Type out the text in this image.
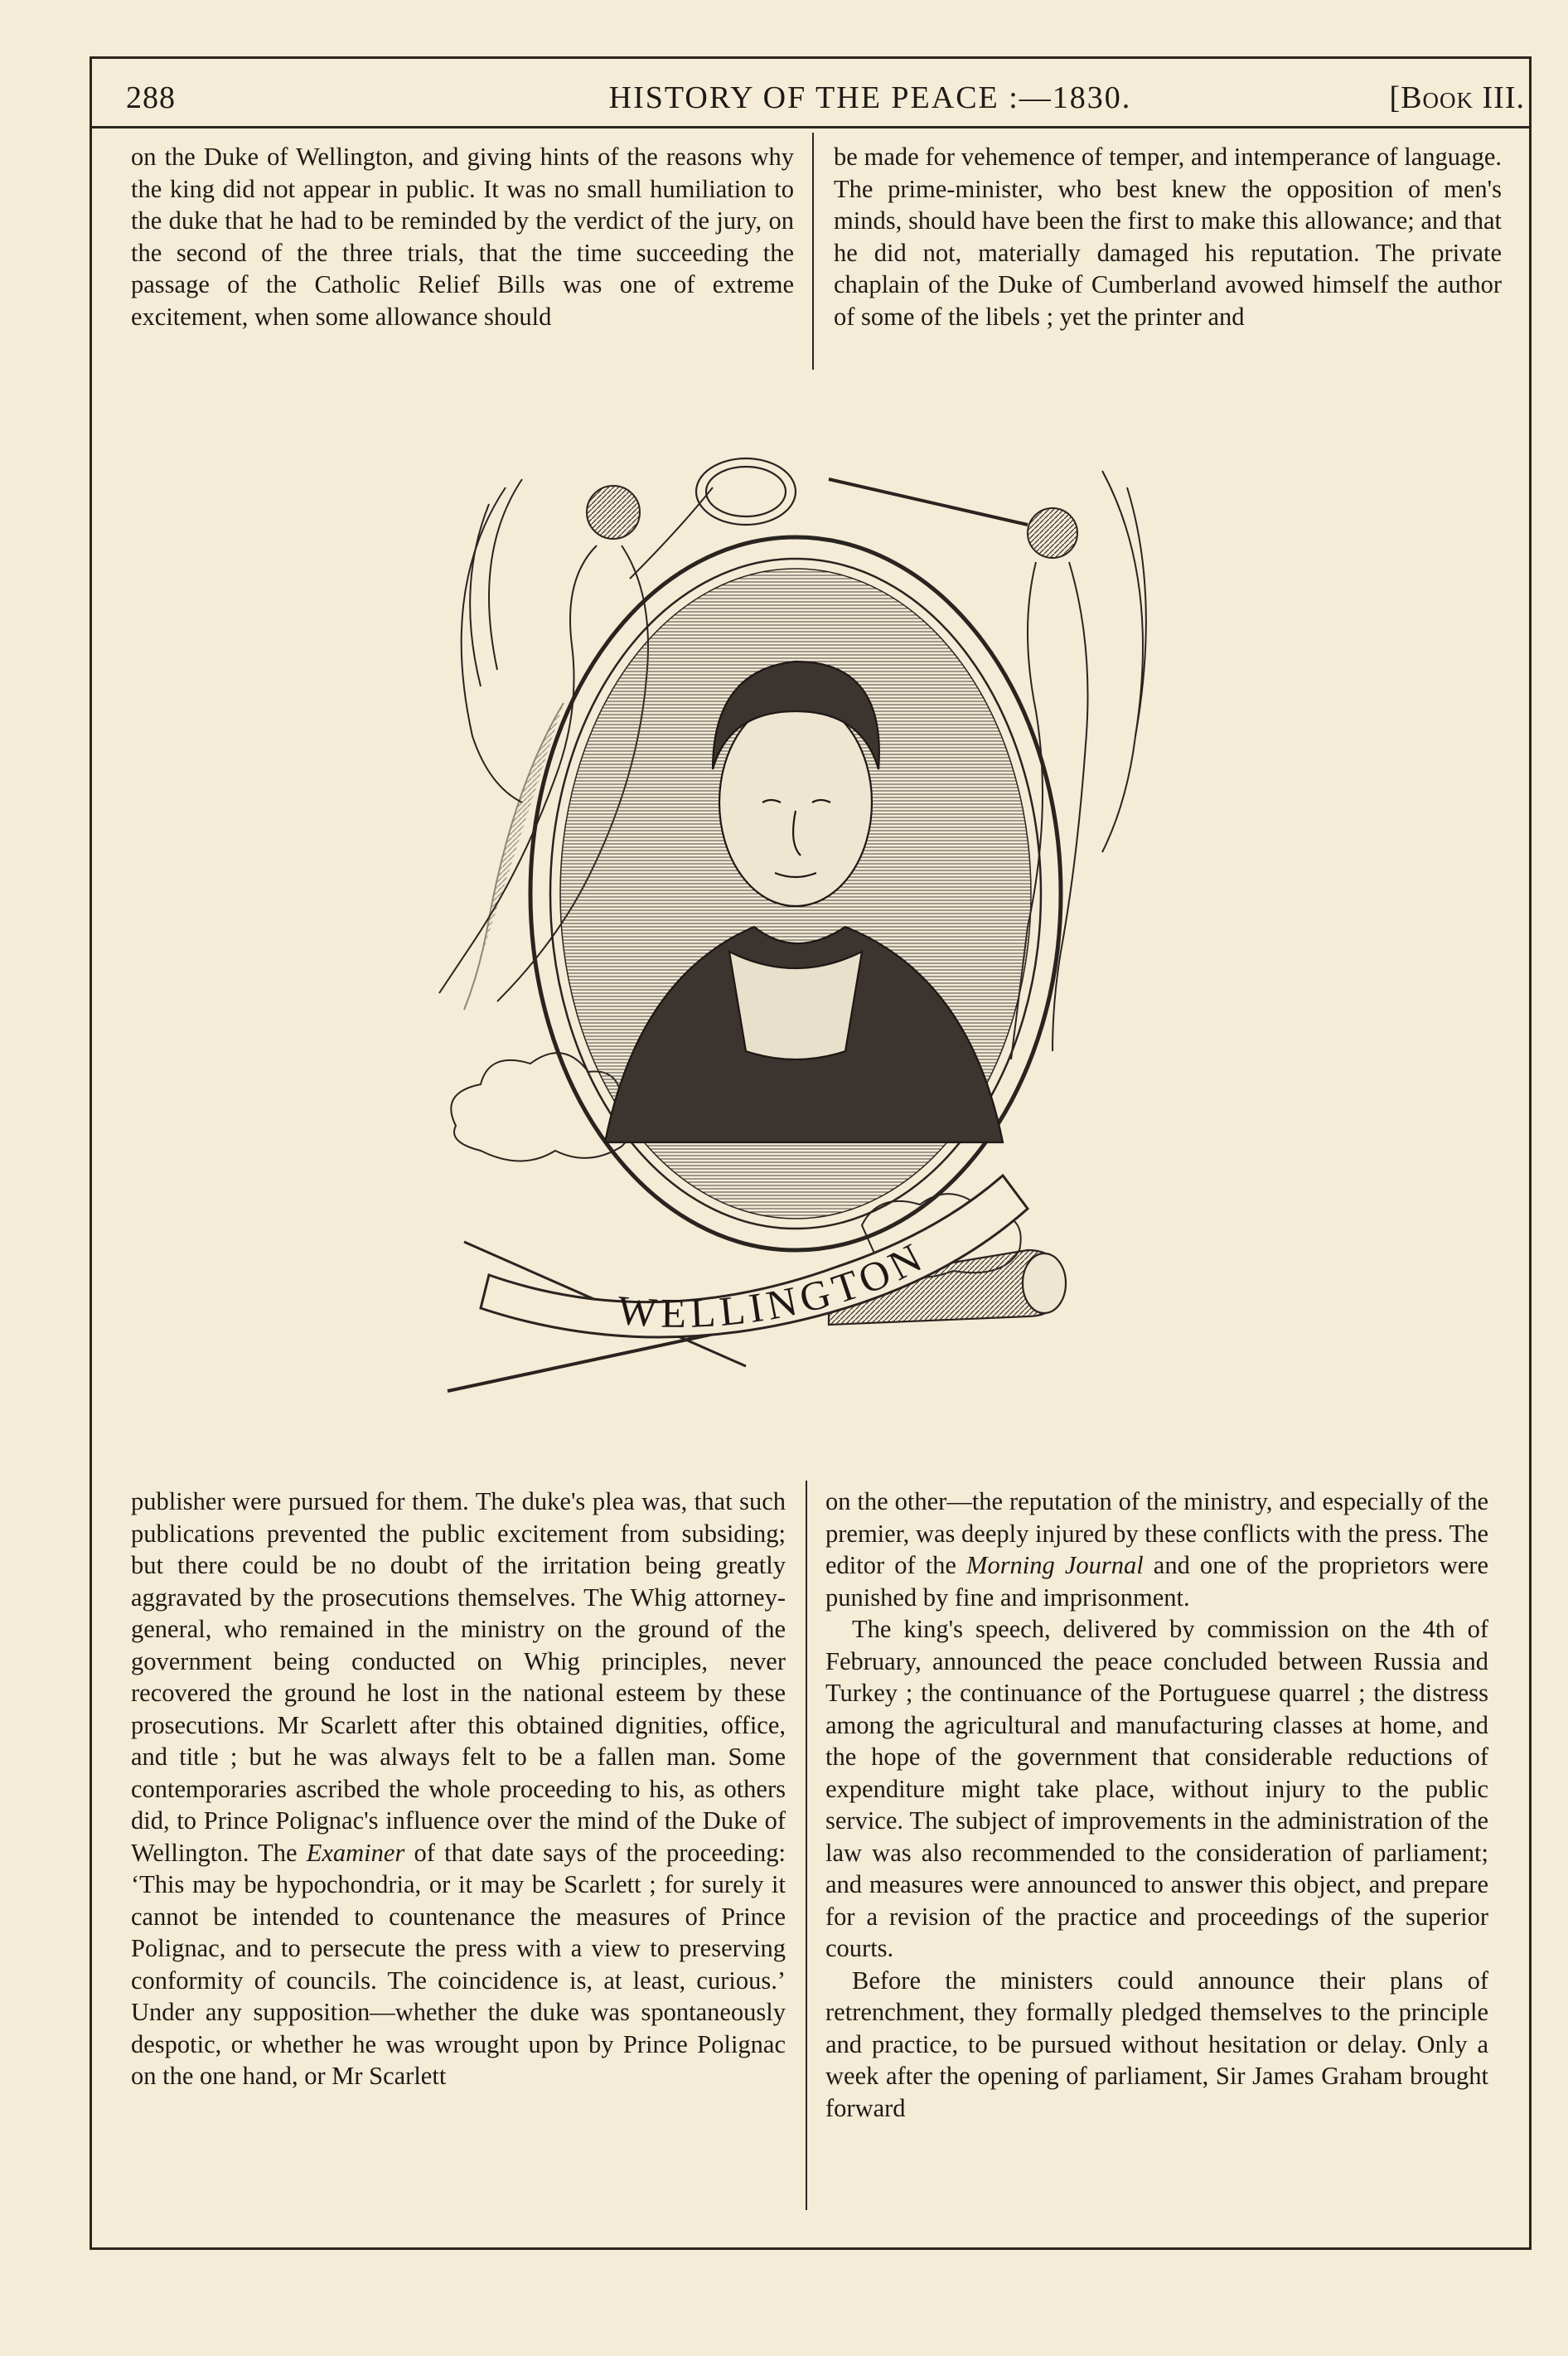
288	HISTORY OF THE PEACE :—1830.	[Book III.

on the Duke of Wellington, and giving hints of the reasons why the king did not appear in public. It was no small humiliation to the duke that he had to be reminded by the verdict of the jury, on the second of the three trials, that the time succeeding the passage of the Catholic Relief Bills was one of extreme excitement, when some allowance should

be made for vehemence of temper, and intemperance of language. The prime-minister, who best knew the opposition of men's minds, should have been the first to make this allowance; and that he did not, materially damaged his reputation. The private chaplain of the Duke of Cumberland avowed himself the author of some of the libels ; yet the printer and

WELLINGTON

publisher were pursued for them. The duke's plea was, that such publications prevented the public excitement from subsiding; but there could be no doubt of the irritation being greatly aggravated by the prosecutions themselves. The Whig attorney-general, who remained in the ministry on the ground of the government being conducted on Whig principles, never recovered the ground he lost in the national esteem by these prosecutions. Mr Scarlett after this obtained dignities, office, and title ; but he was always felt to be a fallen man. Some contemporaries ascribed the whole proceeding to his, as others did, to Prince Polignac's influence over the mind of the Duke of Wellington. The Examiner of that date says of the proceeding: ‘This may be hypochondria, or it may be Scarlett ; for surely it cannot be intended to countenance the measures of Prince Polignac, and to persecute the press with a view to preserving conformity of councils. The coincidence is, at least, curious.’ Under any supposition—whether the duke was spontaneously despotic, or whether he was wrought upon by Prince Polignac on the one hand, or Mr Scarlett

on the other—the reputation of the ministry, and especially of the premier, was deeply injured by these conflicts with the press. The editor of the Morning Journal and one of the proprietors were punished by fine and imprisonment.

The king's speech, delivered by commission on the 4th of February, announced the peace concluded between Russia and Turkey ; the continuance of the Portuguese quarrel ; the distress among the agricultural and manufacturing classes at home, and the hope of the government that considerable reductions of expenditure might take place, without injury to the public service. The subject of improvements in the administration of the law was also recommended to the consideration of parliament; and measures were announced to answer this object, and prepare for a revision of the practice and proceedings of the superior courts.

Before the ministers could announce their plans of retrenchment, they formally pledged themselves to the principle and practice, to be pursued without hesitation or delay. Only a week after the opening of parliament, Sir James Graham brought forward
